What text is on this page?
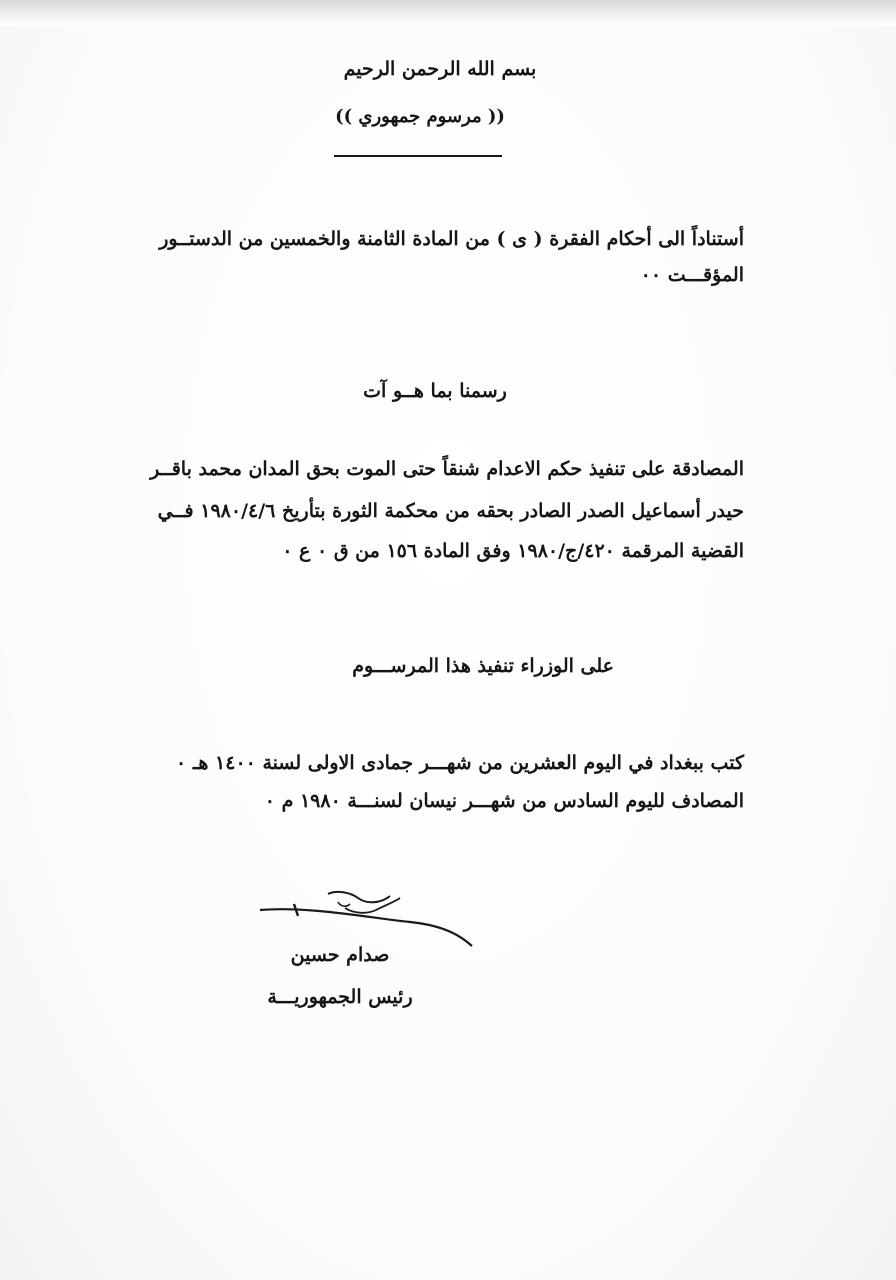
بسم الله الرحمن الرحيم
(( مرسوم جمهوري ))
أستناداً الى أحكام الفقرة ( ى ) من المادة الثامنة والخمسين من الدستــور
المؤقـــت ٠٠
رسمنا بما هــو آت
المصادقة على تنفيذ حكم الاعدام شنقاً حتى الموت بحق المدان محمد باقــر
حيدر أسماعيل الصدر الصادر بحقه من محكمة الثورة بتأريخ ١٩٨٠/٤/٦ فــي
القضية المرقمة ٤٢٠/ج/١٩٨٠ وفق المادة ١٥٦ من ق ٠ ع ٠
على الوزراء تنفيذ هذا المرســـوم
كتب ببغداد في اليوم العشرين من شهـــر جمادى الاولى لسنة ١٤٠٠ هـ ٠
المصادف لليوم السادس من شهـــر نيسان لسنـــة ١٩٨٠ م ٠
صدام حسين
رئيس الجمهوريـــة
